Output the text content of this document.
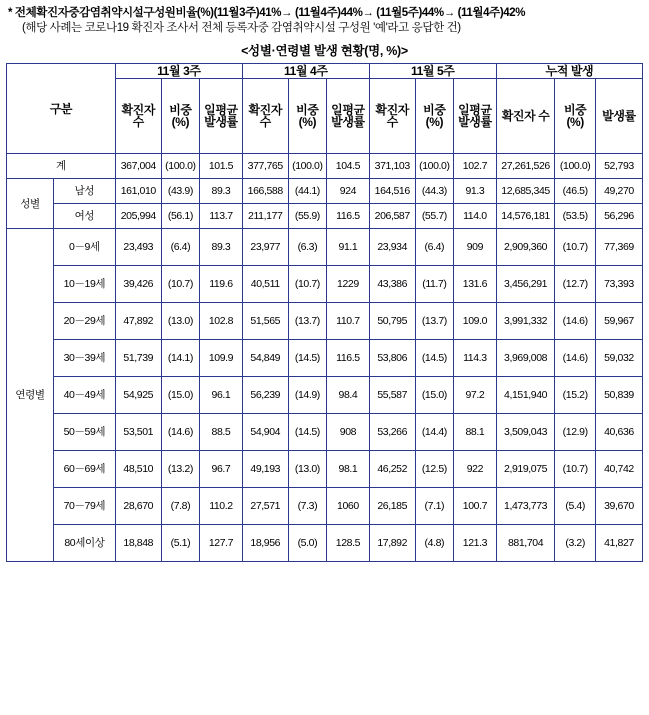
* 전체확진자중감염취약시설구성원비율(%)(11월3주)41%→ (11월4주)44%→ (11월5주)44%→ (11월4주)42%
(해당 사례는 코로나19 확진자 조사서 전체 등록자중 감염취약시설 구성원 '예'라고 응답한 건)
<성별·연령별 발생 현황(명, %)>
구분		11월 3주			11월 4주			11월 5주			누적 발생		
		확진자 수	비중 (%)	일평균 발생률	확진자 수	비중 (%)	일평균 발생률	확진자 수	비중 (%)	일평균 발생률	확진자 수	비중 (%)	발생률
계		367,004	(100.0)	101.5	377,765	(100.0)	104.5	371,103	(100.0)	102.7	27,261,526	(100.0)	52,793
성별	남성	161,010	(43.9)	89.3	166,588	(44.1)	924	164,516	(44.3)	91.3	12,685,345	(46.5)	49,270
	여성	205,994	(56.1)	113.7	211,177	(55.9)	116.5	206,587	(55.7)	114.0	14,576,181	(53.5)	56,296
연령별	0－9세	23,493	(6.4)	89.3	23,977	(6.3)	91.1	23,934	(6.4)	909	2,909,360	(10.7)	77,369
	10－19세	39,426	(10.7)	119.6	40,511	(10.7)	1229	43,386	(11.7)	131.6	3,456,291	(12.7)	73,393
	20－29세	47,892	(13.0)	102.8	51,565	(13.7)	110.7	50,795	(13.7)	109.0	3,991,332	(14.6)	59,967
	30－39세	51,739	(14.1)	109.9	54,849	(14.5)	116.5	53,806	(14.5)	114.3	3,969,008	(14.6)	59,032
	40－49세	54,925	(15.0)	96.1	56,239	(14.9)	98.4	55,587	(15.0)	97.2	4,151,940	(15.2)	50,839
	50－59세	53,501	(14.6)	88.5	54,904	(14.5)	908	53,266	(14.4)	88.1	3,509,043	(12.9)	40,636
	60－69세	48,510	(13.2)	96.7	49,193	(13.0)	98.1	46,252	(12.5)	922	2,919,075	(10.7)	40,742
	70－79세	28,670	(7.8)	110.2	27,571	(7.3)	1060	26,185	(7.1)	100.7	1,473,773	(5.4)	39,670
	80세이상	18,848	(5.1)	127.7	18,956	(5.0)	128.5	17,892	(4.8)	121.3	881,704	(3.2)	41,827
